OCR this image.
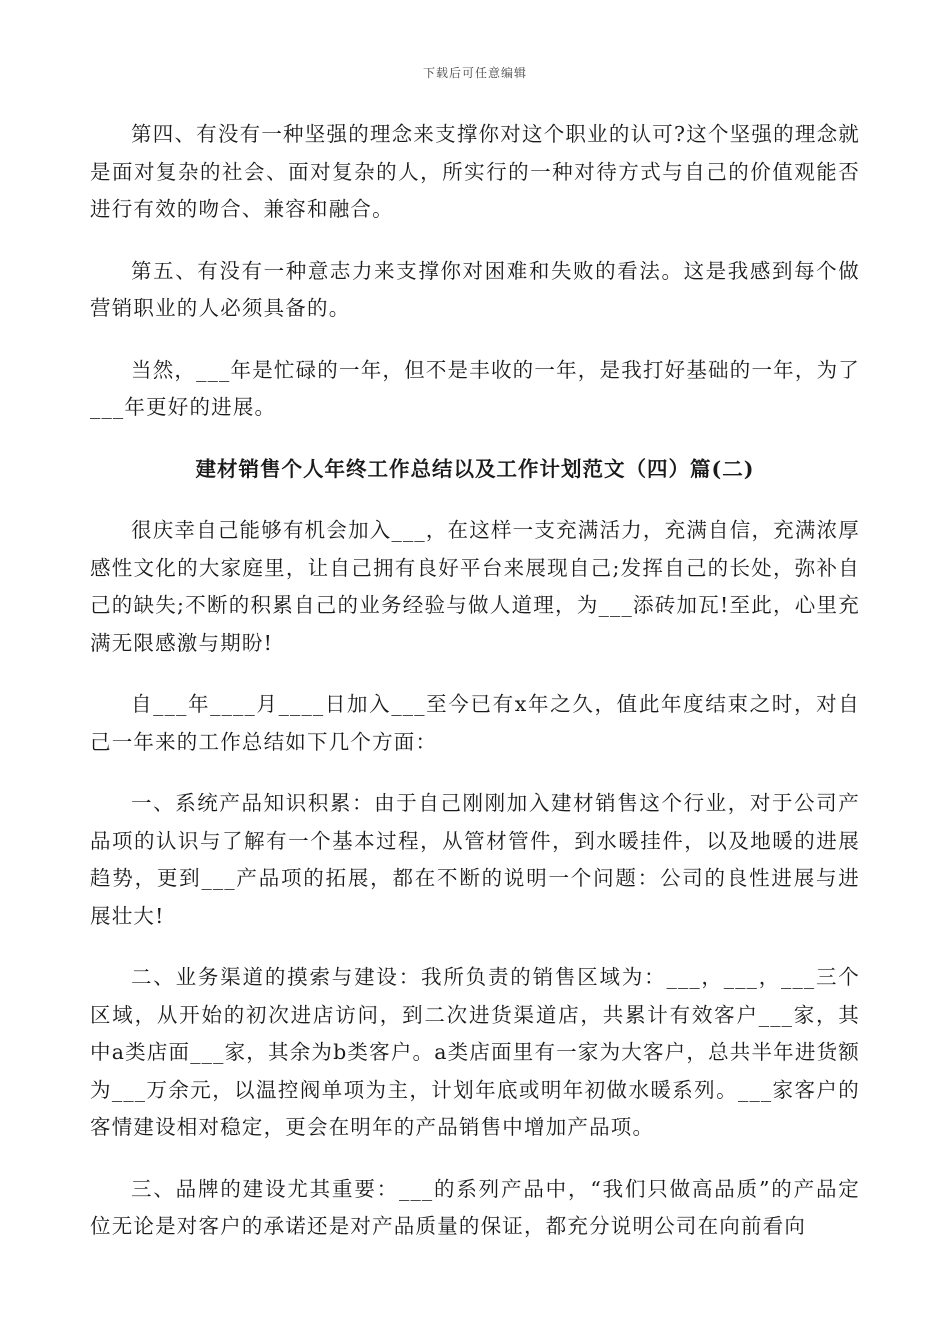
下载后可任意编辑

第四、有没有一种坚强的理念来支撑你对这个职业的认可?这个坚强的理念就是面对复杂的社会、面对复杂的人，所实行的一种对待方式与自己的价值观能否进行有效的吻合、兼容和融合。

第五、有没有一种意志力来支撑你对困难和失败的看法。这是我感到每个做营销职业的人必须具备的。

当然，___年是忙碌的一年，但不是丰收的一年，是我打好基础的一年，为了___年更好的进展。

建材销售个人年终工作总结以及工作计划范文（四）篇(二)

很庆幸自己能够有机会加入___，在这样一支充满活力，充满自信，充满浓厚感性文化的大家庭里，让自己拥有良好平台来展现自己;发挥自己的长处，弥补自己的缺失;不断的积累自己的业务经验与做人道理，为___添砖加瓦!至此，心里充满无限感激与期盼!

自___年____月____日加入___至今已有x年之久，值此年度结束之时，对自己一年来的工作总结如下几个方面：

一、系统产品知识积累：由于自己刚刚加入建材销售这个行业，对于公司产品项的认识与了解有一个基本过程，从管材管件，到水暖挂件，以及地暖的进展趋势，更到___产品项的拓展，都在不断的说明一个问题：公司的良性进展与进展壮大!

二、业务渠道的摸索与建设：我所负责的销售区域为：___，___，___三个区域，从开始的初次进店访问，到二次进货渠道店，共累计有效客户___家，其中a类店面___家，其余为b类客户。a类店面里有一家为大客户，总共半年进货额为___万余元，以温控阀单项为主，计划年底或明年初做水暖系列。___家客户的客情建设相对稳定，更会在明年的产品销售中增加产品项。

三、品牌的建设尤其重要：___的系列产品中，“我们只做高品质”的产品定位无论是对客户的承诺还是对产品质量的保证，都充分说明公司在向前看向
